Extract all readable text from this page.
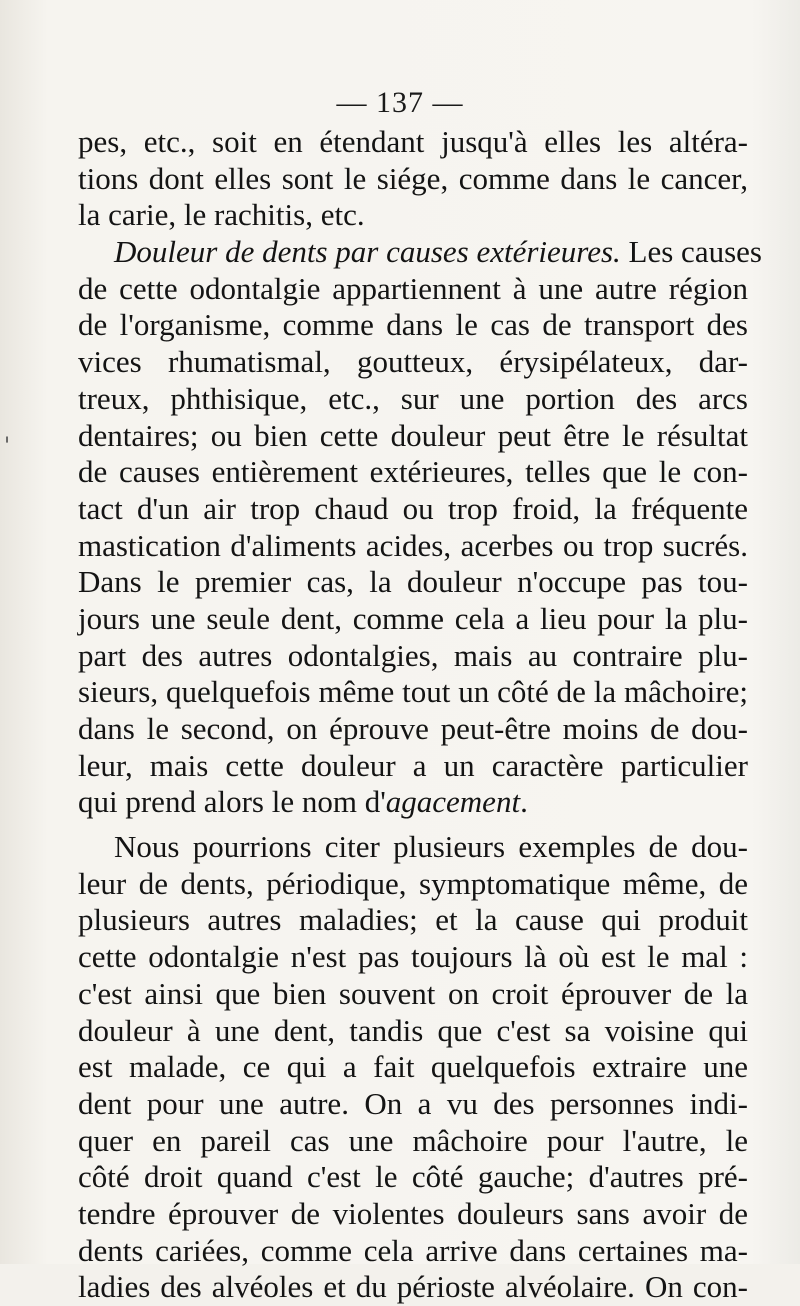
— 137 —
'
pes, etc., soit en étendant jusqu'à elles les altéra-
tions dont elles sont le siége, comme dans le cancer,
la carie, le rachitis, etc.
Douleur de dents par causes extérieures. Les causes
de cette odontalgie appartiennent à une autre région
de l'organisme, comme dans le cas de transport des
vices rhumatismal, goutteux, érysipélateux, dar-
treux, phthisique, etc., sur une portion des arcs
dentaires; ou bien cette douleur peut être le résultat
de causes entièrement extérieures, telles que le con-
tact d'un air trop chaud ou trop froid, la fréquente
mastication d'aliments acides, acerbes ou trop sucrés.
Dans le premier cas, la douleur n'occupe pas tou-
jours une seule dent, comme cela a lieu pour la plu-
part des autres odontalgies, mais au contraire plu-
sieurs, quelquefois même tout un côté de la mâchoire;
dans le second, on éprouve peut-être moins de dou-
leur, mais cette douleur a un caractère particulier
qui prend alors le nom d'agacement.
Nous pourrions citer plusieurs exemples de dou-
leur de dents, périodique, symptomatique même, de
plusieurs autres maladies; et la cause qui produit
cette odontalgie n'est pas toujours là où est le mal :
c'est ainsi que bien souvent on croit éprouver de la
douleur à une dent, tandis que c'est sa voisine qui
est malade, ce qui a fait quelquefois extraire une
dent pour une autre. On a vu des personnes indi-
quer en pareil cas une mâchoire pour l'autre, le
côté droit quand c'est le côté gauche; d'autres pré-
tendre éprouver de violentes douleurs sans avoir de
dents cariées, comme cela arrive dans certaines ma-
ladies des alvéoles et du périoste alvéolaire. On con-
